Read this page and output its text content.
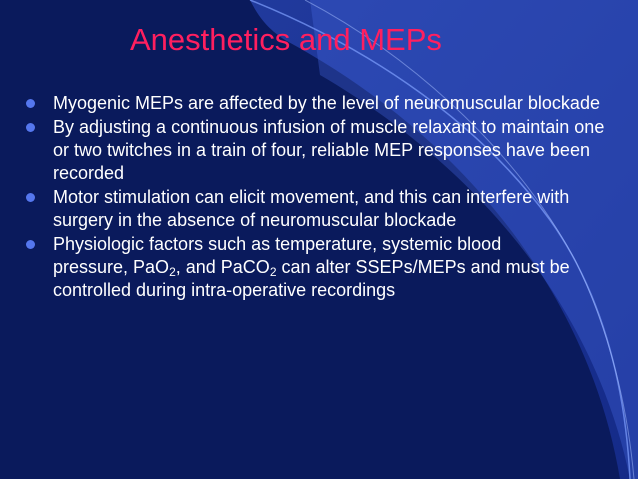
Anesthetics and MEPs
Myogenic MEPs are affected by the level of neuromuscular blockade
By adjusting a continuous infusion of muscle relaxant to maintain one or two twitches in a train of four, reliable MEP responses have been recorded
Motor stimulation can elicit movement, and this can interfere with surgery in the absence of neuromuscular blockade
Physiologic factors such as temperature, systemic blood
pressure, PaO$_2$, and PaCO$_2$ can alter SSEPs/MEPs and must be controlled during intra-operative recordings
